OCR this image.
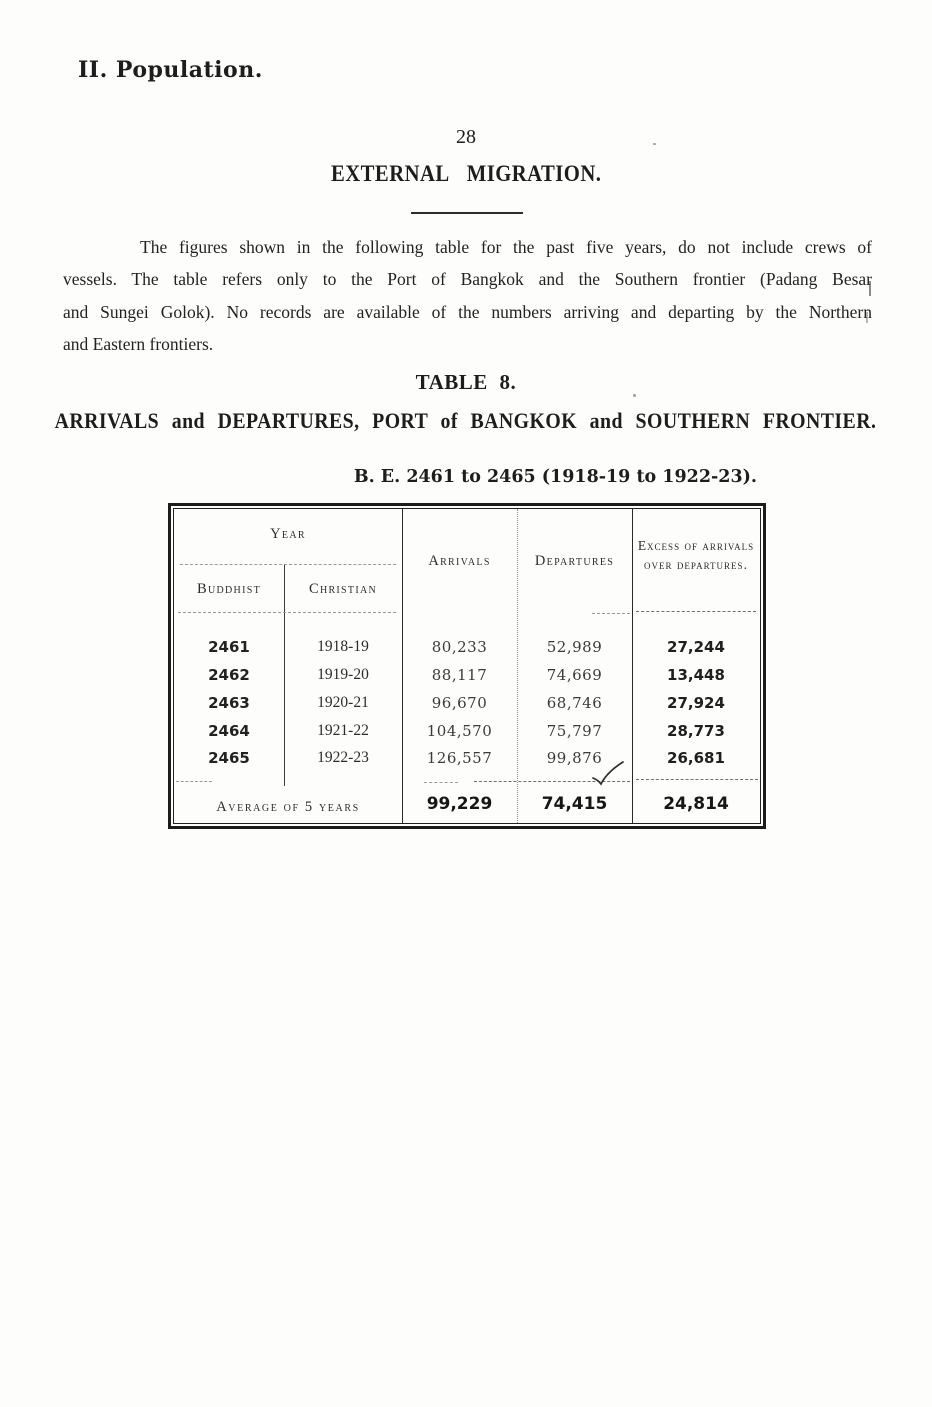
II. Population.
28
EXTERNAL MIGRATION.
The figures shown in the following table for the past five years, do not include crews of
vessels. The table refers only to the Port of Bangkok and the Southern frontier (Padang Besar
and Sungei Golok). No records are available of the numbers arriving and departing by the Northern
and Eastern frontiers.
TABLE 8.
ARRIVALS and DEPARTURES, PORT of BANGKOK and SOUTHERN FRONTIER.
B. E. 2461 to 2465 (1918-19 to 1922-23).
Year
Buddhist	Christian
Arrivals	Departures
Excess of arrivals over departures.
2461	1918-19	80,233	52,989	27,244
2462	1919-20	88,117	74,669	13,448
2463	1920-21	96,670	68,746	27,924
2464	1921-22	104,570	75,797	28,773
2465	1922-23	126,557	99,876	26,681
Average of 5 years	99,229	74,415	24,814
